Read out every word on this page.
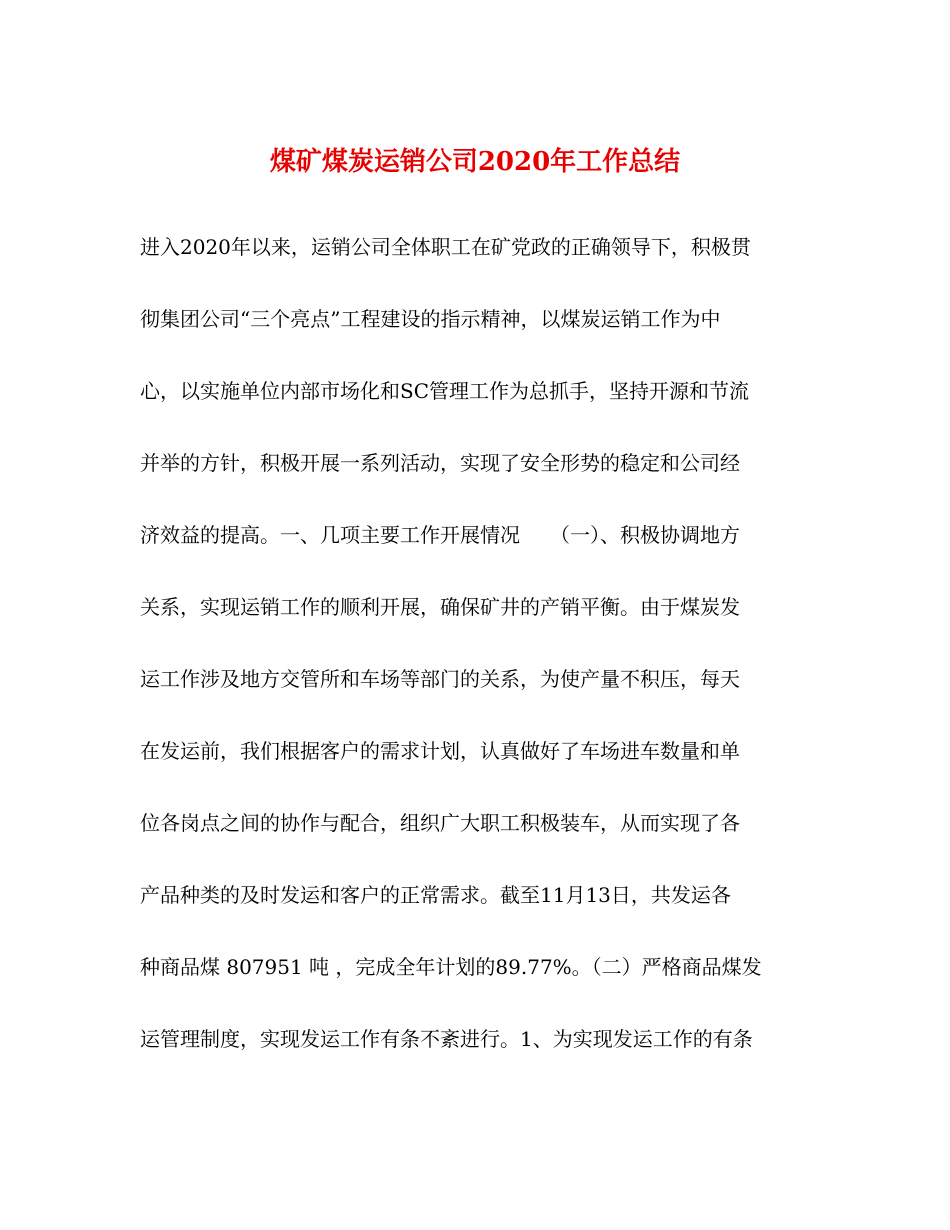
煤矿煤炭运销公司2020年工作总结
进入2020年以来，运销公司全体职工在矿党政的正确领导下，积极贯
彻集团公司“三个亮点”工程建设的指示精神，以煤炭运销工作为中
心，以实施单位内部市场化和SC管理工作为总抓手，坚持开源和节流
并举的方针，积极开展一系列活动，实现了安全形势的稳定和公司经
济效益的提高。一、几项主要工作开展情况　　（一）、积极协调地方
关系，实现运销工作的顺利开展，确保矿井的产销平衡。由于煤炭发
运工作涉及地方交管所和车场等部门的关系，为使产量不积压，每天
在发运前，我们根据客户的需求计划，认真做好了车场进车数量和单
位各岗点之间的协作与配合，组织广大职工积极装车，从而实现了各
产品种类的及时发运和客户的正常需求。截至11月13日，共发运各
种商品煤 807951 吨 ，完成全年计划的89.77%。（二）严格商品煤发
运管理制度，实现发运工作有条不紊进行。1、为实现发运工作的有条
